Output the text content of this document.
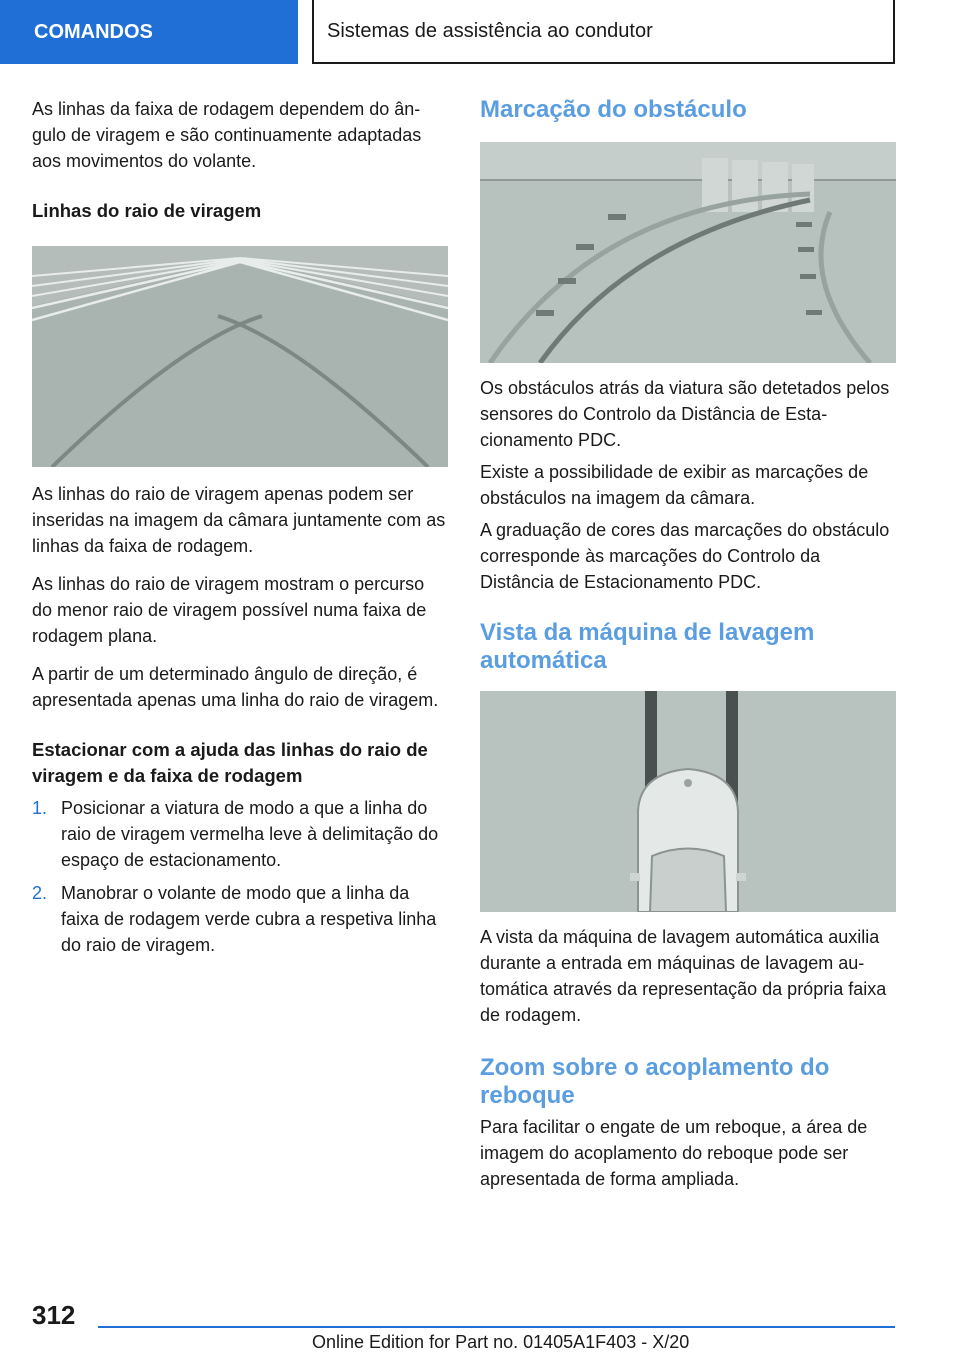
COMANDOS	Sistemas de assistência ao condutor

As linhas da faixa de rodagem dependem do ângulo de viragem e são continuamente adaptadas aos movimentos do volante.

Linhas do raio de viragem

As linhas do raio de viragem apenas podem ser inseridas na imagem da câmara juntamente com as linhas da faixa de rodagem.

As linhas do raio de viragem mostram o percurso do menor raio de viragem possível numa faixa de rodagem plana.

A partir de um determinado ângulo de direção, é apresentada apenas uma linha do raio de viragem.

Estacionar com a ajuda das linhas do raio de viragem e da faixa de rodagem
1. Posicionar a viatura de modo a que a linha do raio de viragem vermelha leve à delimitação do espaço de estacionamento.
2. Manobrar o volante de modo que a linha da faixa de rodagem verde cubra a respetiva linha do raio de viragem.
Marcação do obstáculo

Os obstáculos atrás da viatura são detetados pelos sensores do Controlo da Distância de Estacionamento PDC.

Existe a possibilidade de exibir as marcações de obstáculos na imagem da câmara.

A graduação de cores das marcações do obstáculo corresponde às marcações do Controlo da Distância de Estacionamento PDC.

Vista da máquina de lavagem automática

A vista da máquina de lavagem automática auxilia durante a entrada em máquinas de lavagem automática através da representação da própria faixa de rodagem.

Zoom sobre o acoplamento do reboque

Para facilitar o engate de um reboque, a área de imagem do acoplamento do reboque pode ser apresentada de forma ampliada.

312
Online Edition for Part no. 01405A1F403 - X/20
